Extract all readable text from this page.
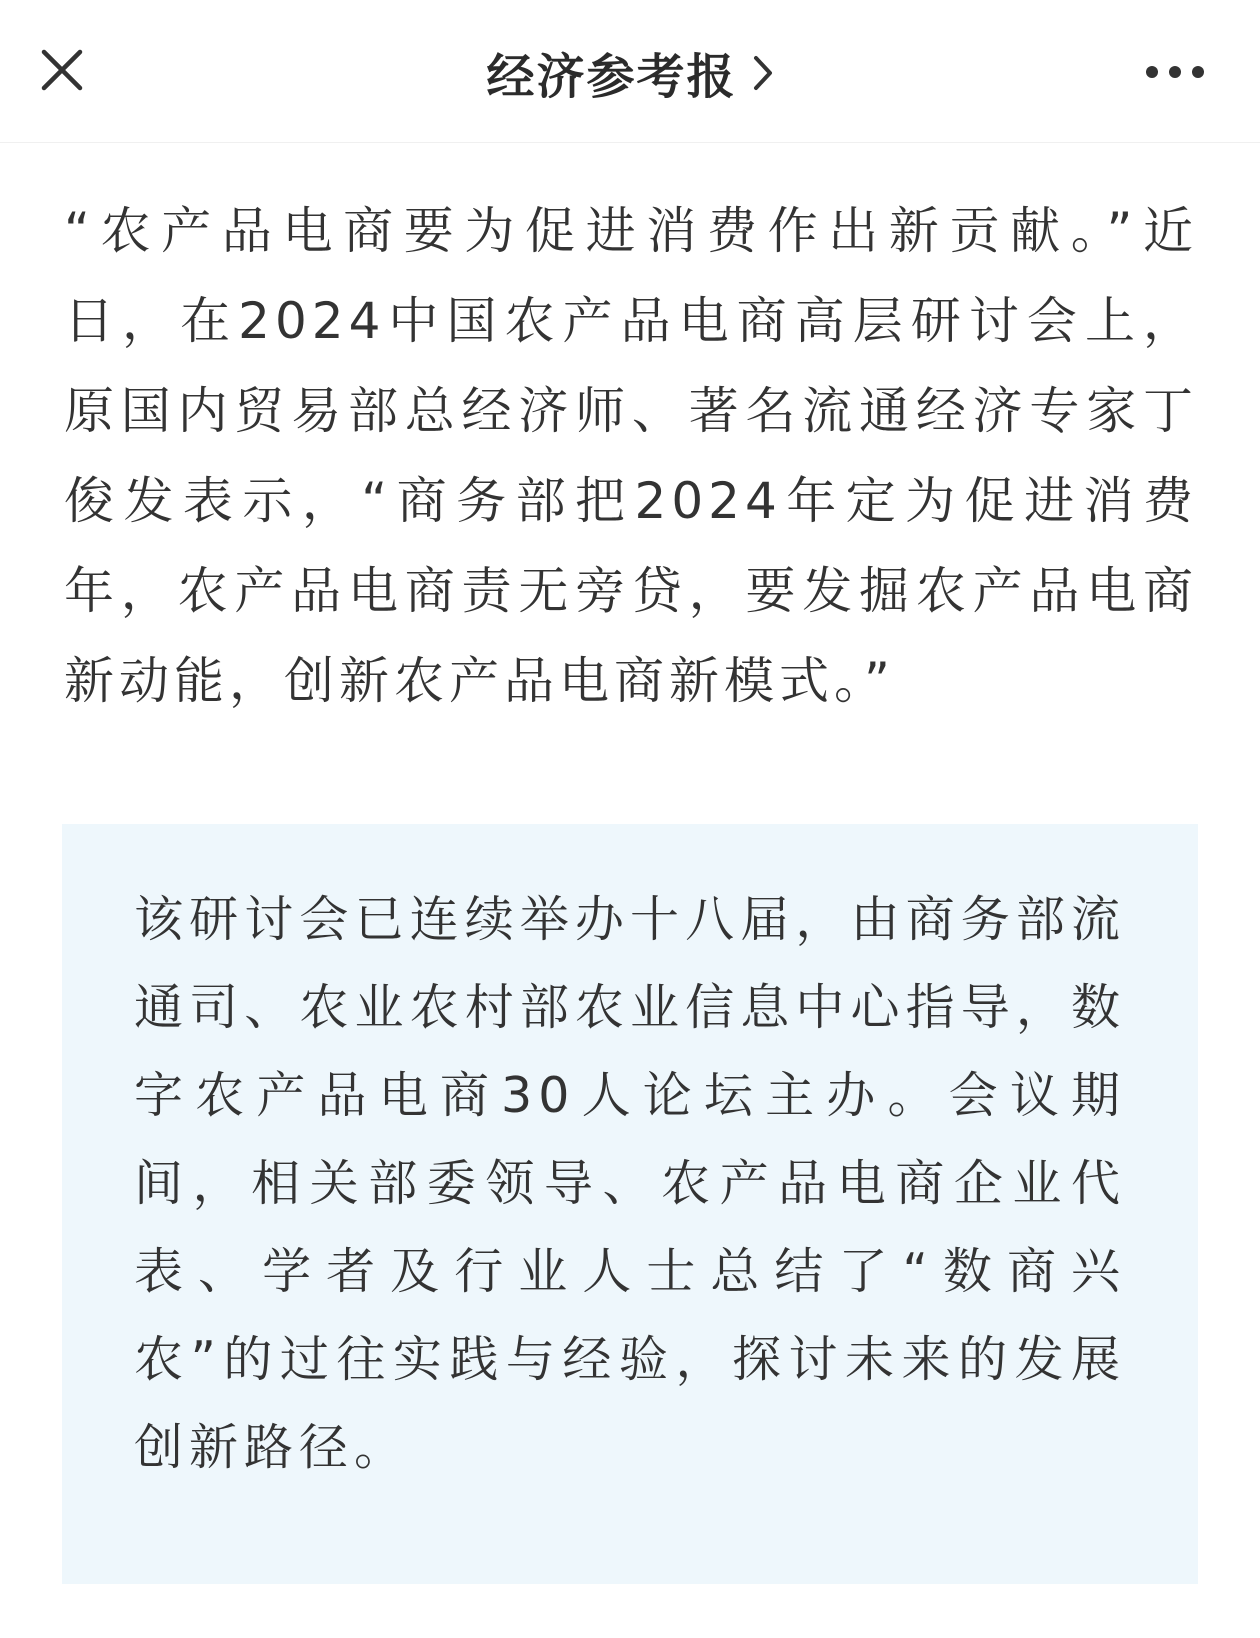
经济参考报

“农产品电商要为促进消费作出新贡献。”近日，在2024中国农产品电商高层研讨会上，原国内贸易部总经济师、著名流通经济专家丁俊发表示，“商务部把2024年定为促进消费年，农产品电商责无旁贷，要发掘农产品电商新动能，创新农产品电商新模式。”

该研讨会已连续举办十八届，由商务部流通司、农业农村部农业信息中心指导，数字农产品电商30人论坛主办。会议期间，相关部委领导、农产品电商企业代表、学者及行业人士总结了“数商兴农”的过往实践与经验，探讨未来的发展创新路径。
